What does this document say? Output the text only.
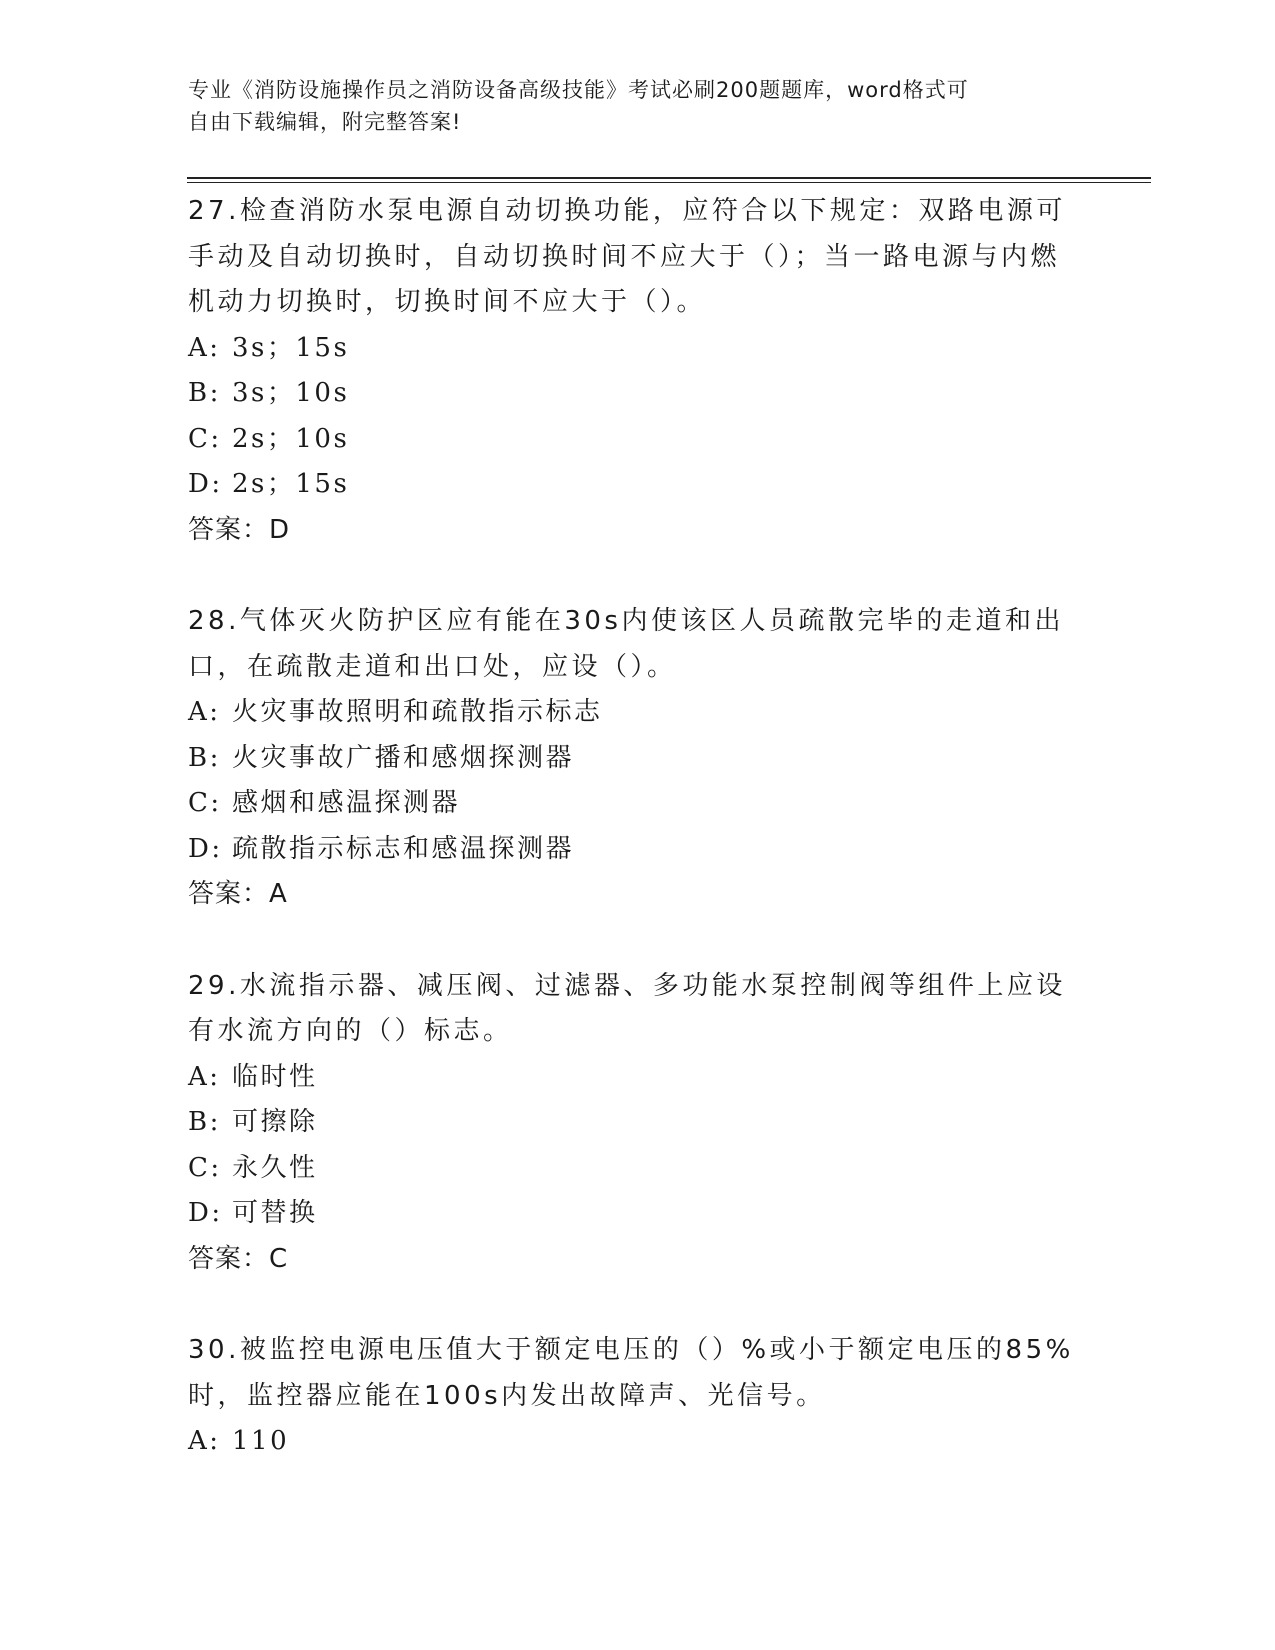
专业《消防设施操作员之消防设备高级技能》考试必刷200题题库，word格式可
自由下载编辑，附完整答案!

27.检查消防水泵电源自动切换功能，应符合以下规定：双路电源可手动及自动切换时，自动切换时间不应大于（）；当一路电源与内燃机动力切换时，切换时间不应大于（）。

A: 3s；15s

B: 3s；10s

C: 2s；10s

D: 2s；15s

答案：D

28.气体灭火防护区应有能在30s内使该区人员疏散完毕的走道和出口，在疏散走道和出口处，应设（）。

A: 火灾事故照明和疏散指示标志

B: 火灾事故广播和感烟探测器

C: 感烟和感温探测器

D: 疏散指示标志和感温探测器

答案：A

29.水流指示器、减压阀、过滤器、多功能水泵控制阀等组件上应设有水流方向的（）标志。

A: 临时性

B: 可擦除

C: 永久性

D: 可替换

答案：C

30.被监控电源电压值大于额定电压的（）%或小于额定电压的85%时，监控器应能在100s内发出故障声、光信号。

A: 110
